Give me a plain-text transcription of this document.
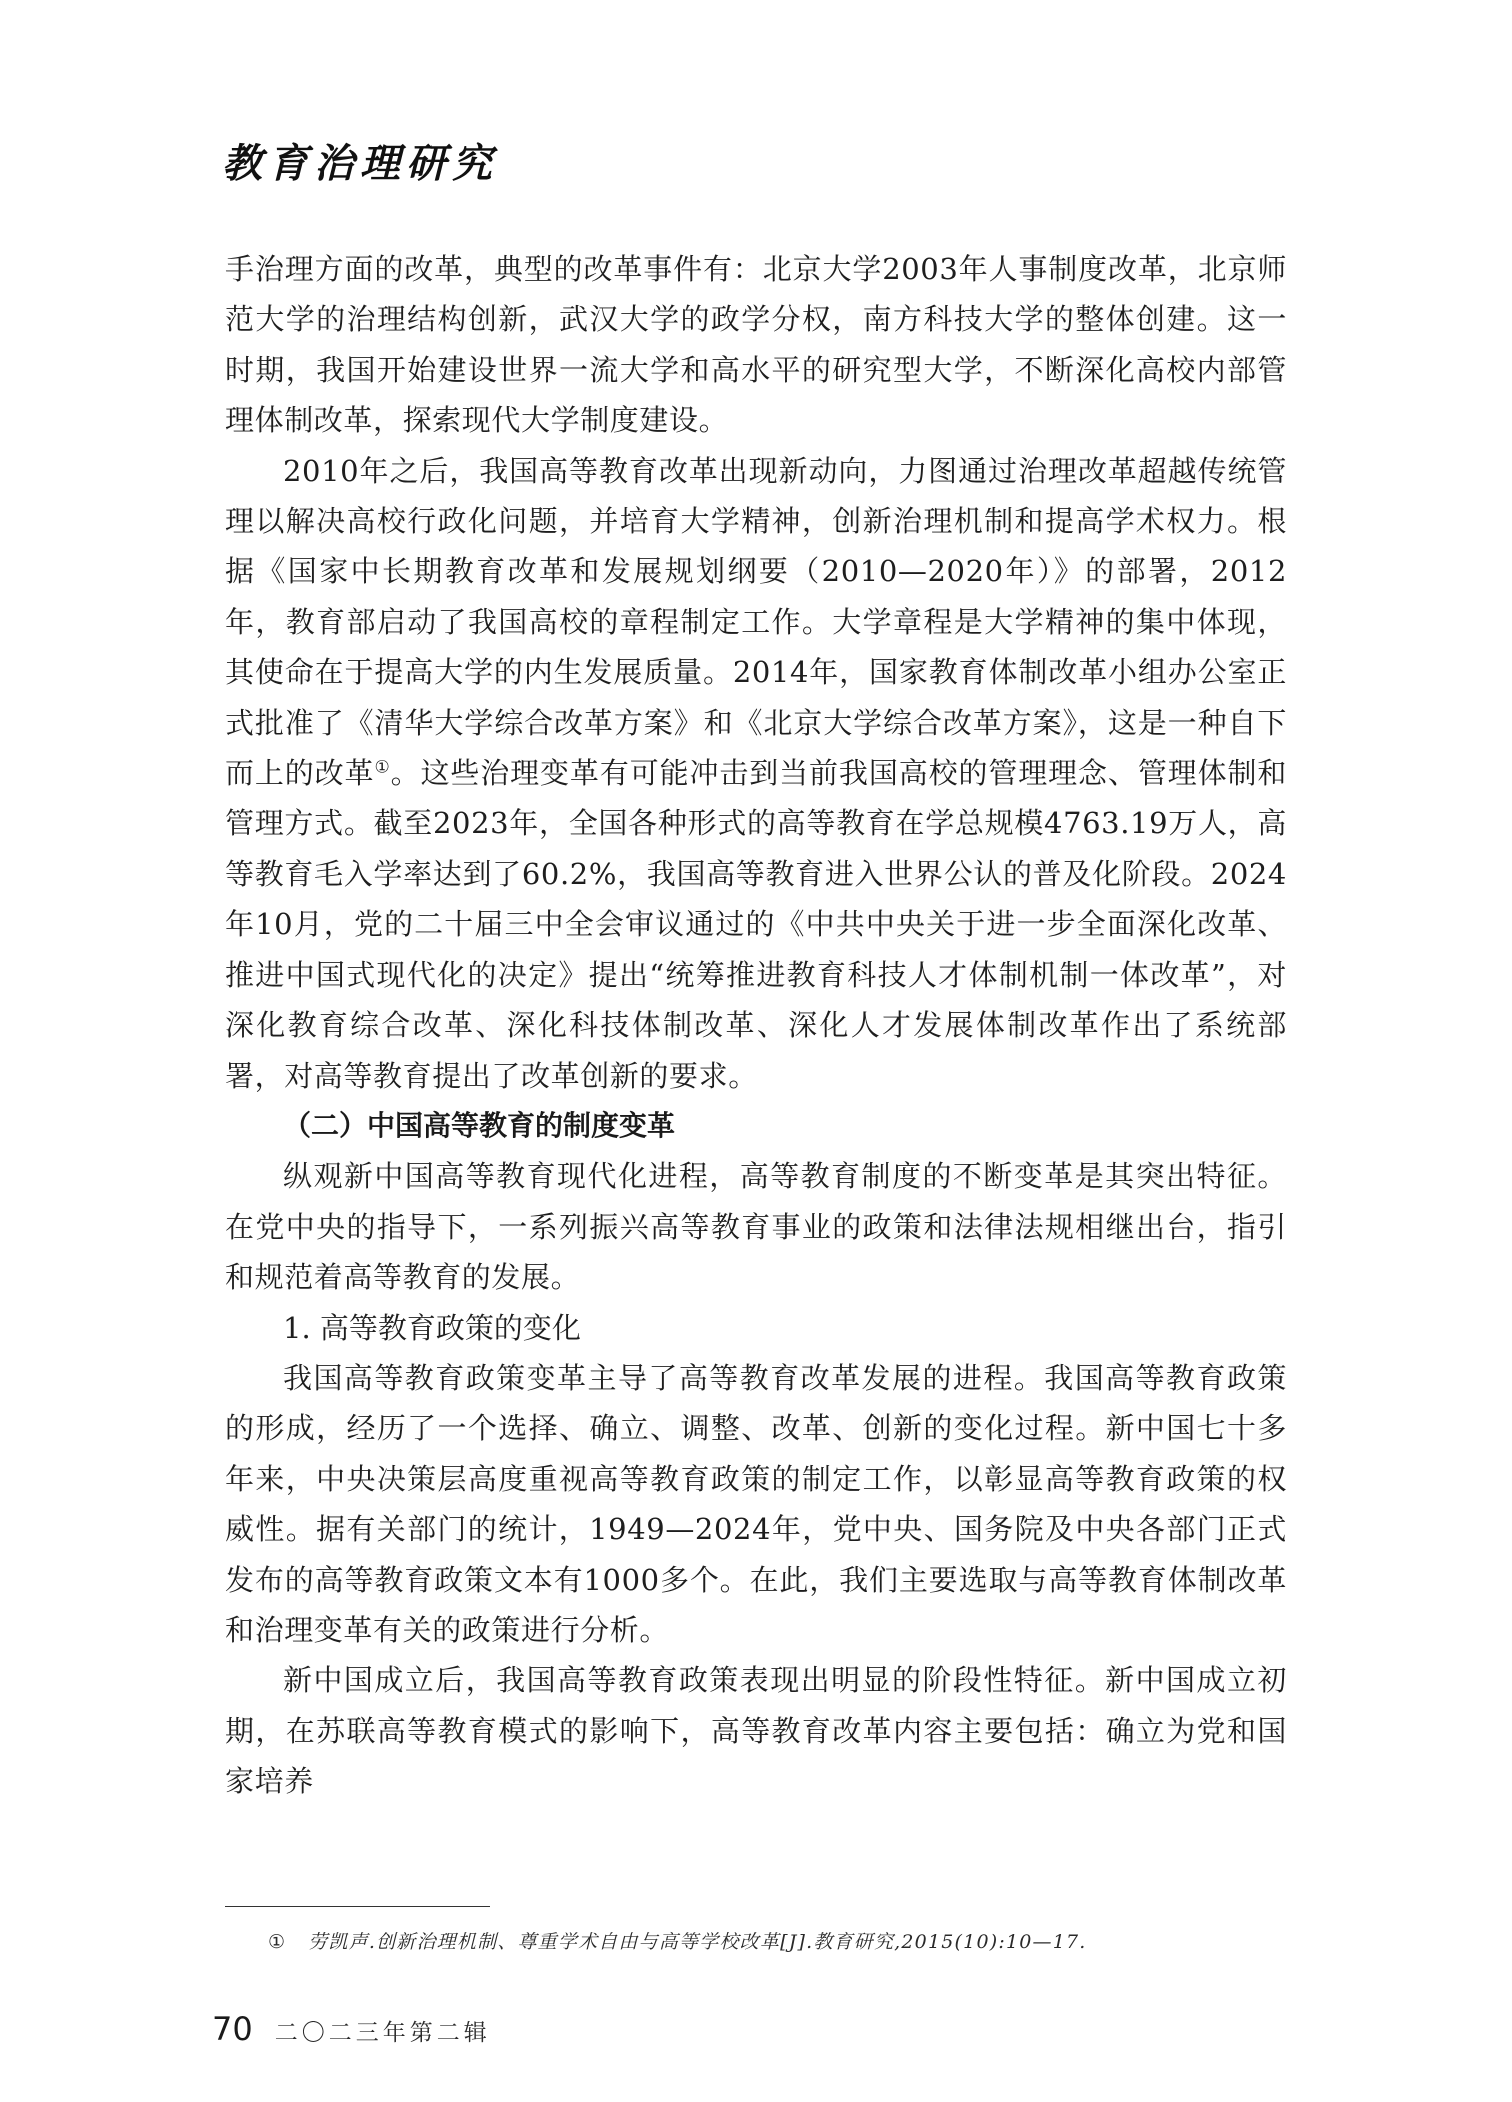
教育治理研究

手治理方面的改革，典型的改革事件有：北京大学2003年人事制度改革，北京师范大学的治理结构创新，武汉大学的政学分权，南方科技大学的整体创建。这一时期，我国开始建设世界一流大学和高水平的研究型大学，不断深化高校内部管理体制改革，探索现代大学制度建设。

2010年之后，我国高等教育改革出现新动向，力图通过治理改革超越传统管理以解决高校行政化问题，并培育大学精神，创新治理机制和提高学术权力。根据《国家中长期教育改革和发展规划纲要（2010—2020年）》的部署，2012年，教育部启动了我国高校的章程制定工作。大学章程是大学精神的集中体现，其使命在于提高大学的内生发展质量。2014年，国家教育体制改革小组办公室正式批准了《清华大学综合改革方案》和《北京大学综合改革方案》，这是一种自下而上的改革①。这些治理变革有可能冲击到当前我国高校的管理理念、管理体制和管理方式。截至2023年，全国各种形式的高等教育在学总规模4763.19万人，高等教育毛入学率达到了60.2%，我国高等教育进入世界公认的普及化阶段。2024年10月，党的二十届三中全会审议通过的《中共中央关于进一步全面深化改革、推进中国式现代化的决定》提出“统筹推进教育科技人才体制机制一体改革”，对深化教育综合改革、深化科技体制改革、深化人才发展体制改革作出了系统部署，对高等教育提出了改革创新的要求。

（二）中国高等教育的制度变革

纵观新中国高等教育现代化进程，高等教育制度的不断变革是其突出特征。在党中央的指导下，一系列振兴高等教育事业的政策和法律法规相继出台，指引和规范着高等教育的发展。

1. 高等教育政策的变化

我国高等教育政策变革主导了高等教育改革发展的进程。我国高等教育政策的形成，经历了一个选择、确立、调整、改革、创新的变化过程。新中国七十多年来，中央决策层高度重视高等教育政策的制定工作，以彰显高等教育政策的权威性。据有关部门的统计，1949—2024年，党中央、国务院及中央各部门正式发布的高等教育政策文本有1000多个。在此，我们主要选取与高等教育体制改革和治理变革有关的政策进行分析。

新中国成立后，我国高等教育政策表现出明显的阶段性特征。新中国成立初期，在苏联高等教育模式的影响下，高等教育改革内容主要包括：确立为党和国家培养

① 劳凯声.创新治理机制、尊重学术自由与高等学校改革[J].教育研究,2015(10):10—17.
70 二〇二三年第二辑
